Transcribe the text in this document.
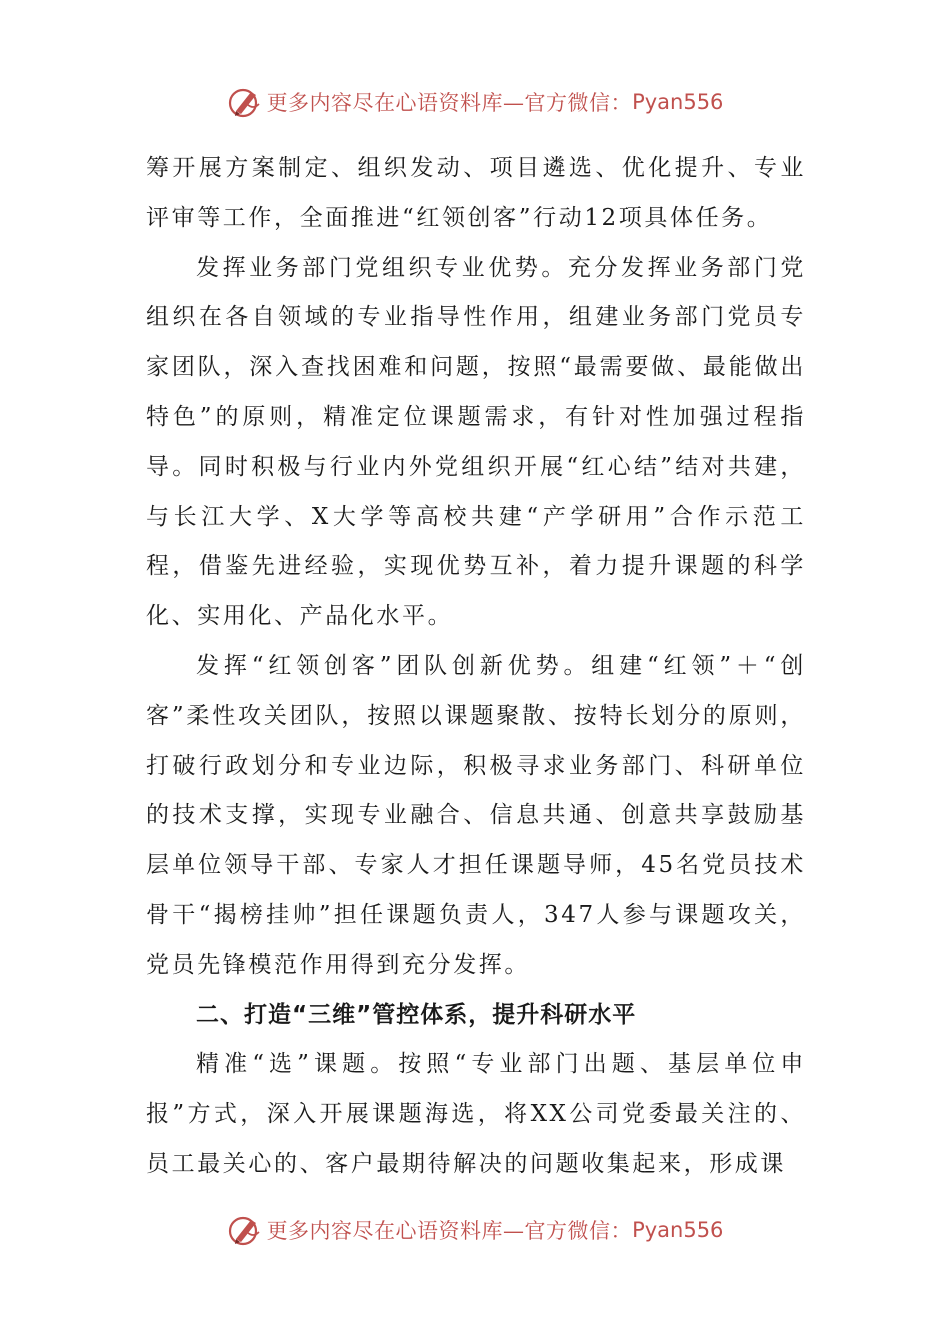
更多内容尽在心语资料库—官方微信： Pyan556

筹开展方案制定、组织发动、项目遴选、优化提升、专业评审等工作，全面推进“红领创客”行动12项具体任务。

发挥业务部门党组织专业优势。充分发挥业务部门党组织在各自领域的专业指导性作用，组建业务部门党员专家团队，深入查找困难和问题，按照“最需要做、最能做出特色”的原则，精准定位课题需求，有针对性加强过程指导。同时积极与行业内外党组织开展“红心结”结对共建，与长江大学、X大学等高校共建“产学研用”合作示范工程，借鉴先进经验，实现优势互补，着力提升课题的科学化、实用化、产品化水平。

发挥“红领创客”团队创新优势。组建“红领”＋“创客”柔性攻关团队，按照以课题聚散、按特长划分的原则，打破行政划分和专业边际，积极寻求业务部门、科研单位的技术支撑，实现专业融合、信息共通、创意共享鼓励基层单位领导干部、专家人才担任课题导师，45名党员技术骨干“揭榜挂帅”担任课题负责人，347人参与课题攻关，党员先锋模范作用得到充分发挥。

二、打造“三维”管控体系，提升科研水平

精准“选”课题。按照“专业部门出题、基层单位申报”方式，深入开展课题海选，将XX公司党委最关注的、员工最关心的、客户最期待解决的问题收集起来，形成课

更多内容尽在心语资料库—官方微信： Pyan556
